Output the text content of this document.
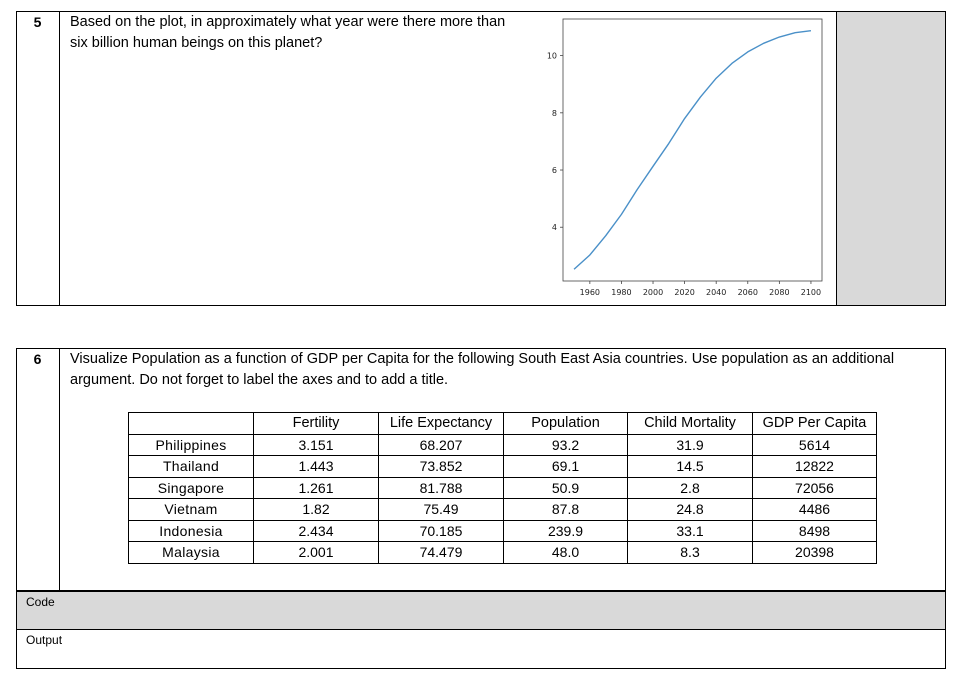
5	Based on the plot, in approximately what year were there more than six billion human beings on this planet?
1960 1980 2000 2020 2040 2060 2080 2100
4
6
8
10
6	Visualize Population as a function of GDP per Capita for the following South East Asia countries. Use population as an additional argument. Do not forget to label the axes and to add a title.
	Fertility	Life Expectancy	Population	Child Mortality	GDP Per Capita
Philippines	3.151	68.207	93.2	31.9	5614
Thailand	1.443	73.852	69.1	14.5	12822
Singapore	1.261	81.788	50.9	2.8	72056
Vietnam	1.82	75.49	87.8	24.8	4486
Indonesia	2.434	70.185	239.9	33.1	8498
Malaysia	2.001	74.479	48.0	8.3	20398
Code
Output
